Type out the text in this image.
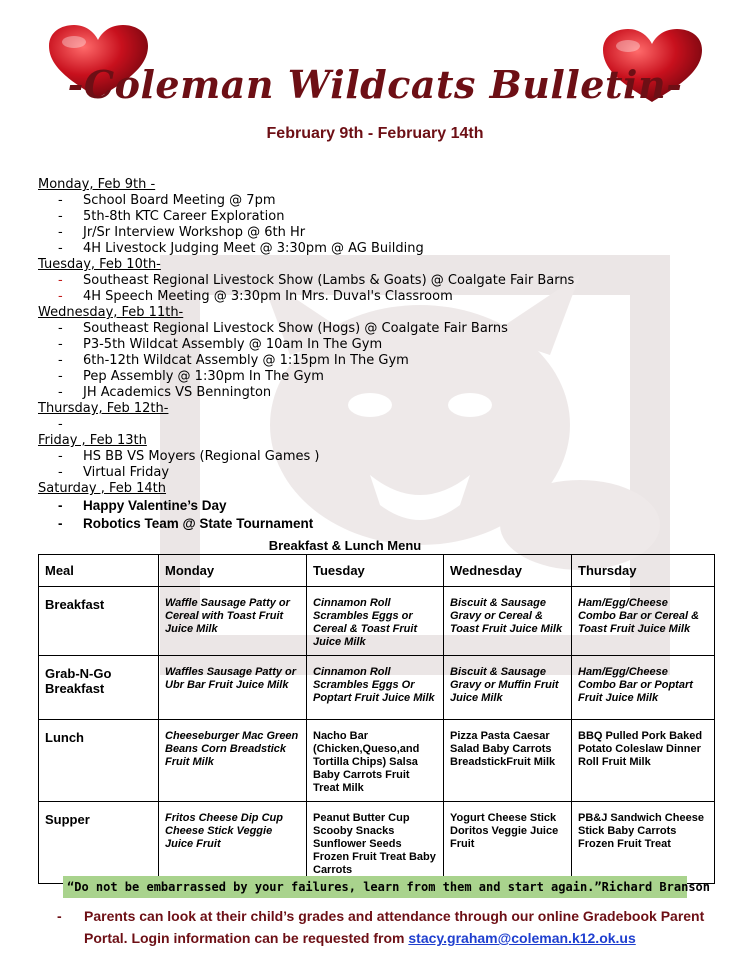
-Coleman Wildcats Bulletin-
February 9th - February 14th
Monday, Feb 9th -
- School Board Meeting @ 7pm
- 5th-8th KTC Career Exploration
- Jr/Sr Interview Workshop @ 6th Hr
- 4H Livestock Judging Meet @ 3:30pm @ AG Building
Tuesday, Feb 10th-
- Southeast Regional Livestock Show (Lambs & Goats) @ Coalgate Fair Barns
- 4H Speech Meeting @ 3:30pm In Mrs. Duval's Classroom
Wednesday, Feb 11th-
- Southeast Regional Livestock Show (Hogs) @ Coalgate Fair Barns
- P3-5th Wildcat Assembly @ 10am In The Gym
- 6th-12th Wildcat Assembly @ 1:15pm In The Gym
- Pep Assembly @ 1:30pm In The Gym
- JH Academics VS Bennington
Thursday, Feb 12th-
-
Friday , Feb 13th
- HS BB VS Moyers (Regional Games )
- Virtual Friday
Saturday , Feb 14th
- Happy Valentine’s Day
- Robotics Team @ State Tournament
Breakfast & Lunch Menu
Meal	Monday	Tuesday	Wednesday	Thursday
Breakfast	Waffle Sausage Patty or Cereal with Toast Fruit Juice Milk	Cinnamon Roll Scrambles Eggs or Cereal & Toast Fruit Juice Milk	Biscuit & Sausage Gravy or Cereal & Toast Fruit Juice Milk	Ham/Egg/Cheese Combo Bar or Cereal & Toast Fruit Juice Milk
Grab-N-Go Breakfast	Waffles Sausage Patty or Ubr Bar Fruit Juice Milk	Cinnamon Roll Scrambles Eggs Or Poptart Fruit Juice Milk	Biscuit & Sausage Gravy or Muffin Fruit Juice Milk	Ham/Egg/Cheese Combo Bar or Poptart Fruit Juice Milk
Lunch	Cheeseburger Mac Green Beans Corn Breadstick Fruit Milk	Nacho Bar (Chicken,Queso,and Tortilla Chips) Salsa Baby Carrots Fruit Treat Milk	Pizza Pasta Caesar Salad Baby Carrots BreadstickFruit Milk	BBQ Pulled Pork Baked Potato Coleslaw Dinner Roll Fruit Milk
Supper	Fritos Cheese Dip Cup Cheese Stick Veggie Juice Fruit	Peanut Butter Cup Scooby Snacks Sunflower Seeds Frozen Fruit Treat Baby Carrots	Yogurt Cheese Stick Doritos Veggie Juice Fruit	PB&J Sandwich Cheese Stick Baby Carrots Frozen Fruit Treat
“Do not be embarrassed by your failures, learn from them and start again.”Richard Branson
-	Parents can look at their child’s grades and attendance through our online Gradebook Parent Portal. Login information can be requested from stacy.graham@coleman.k12.ok.us
